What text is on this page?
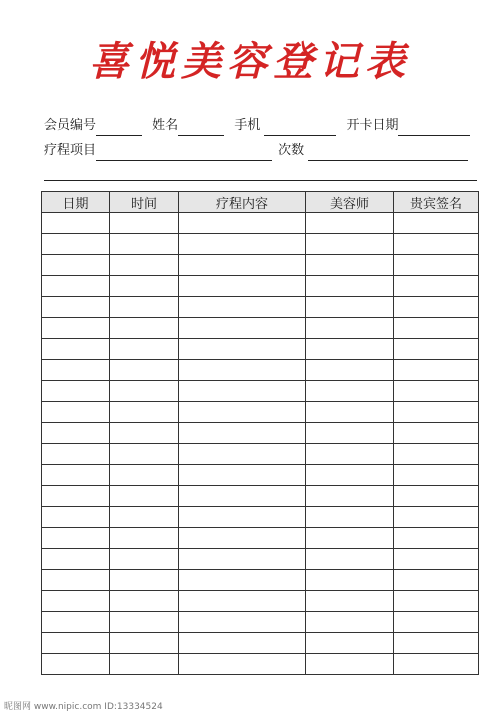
喜悦美容登记表
会员编号	姓名	手机	开卡日期
疗程项目	次数
日期	时间	疗程内容	美容师	贵宾签名

昵图网 www.nipic.com ID:13334524
